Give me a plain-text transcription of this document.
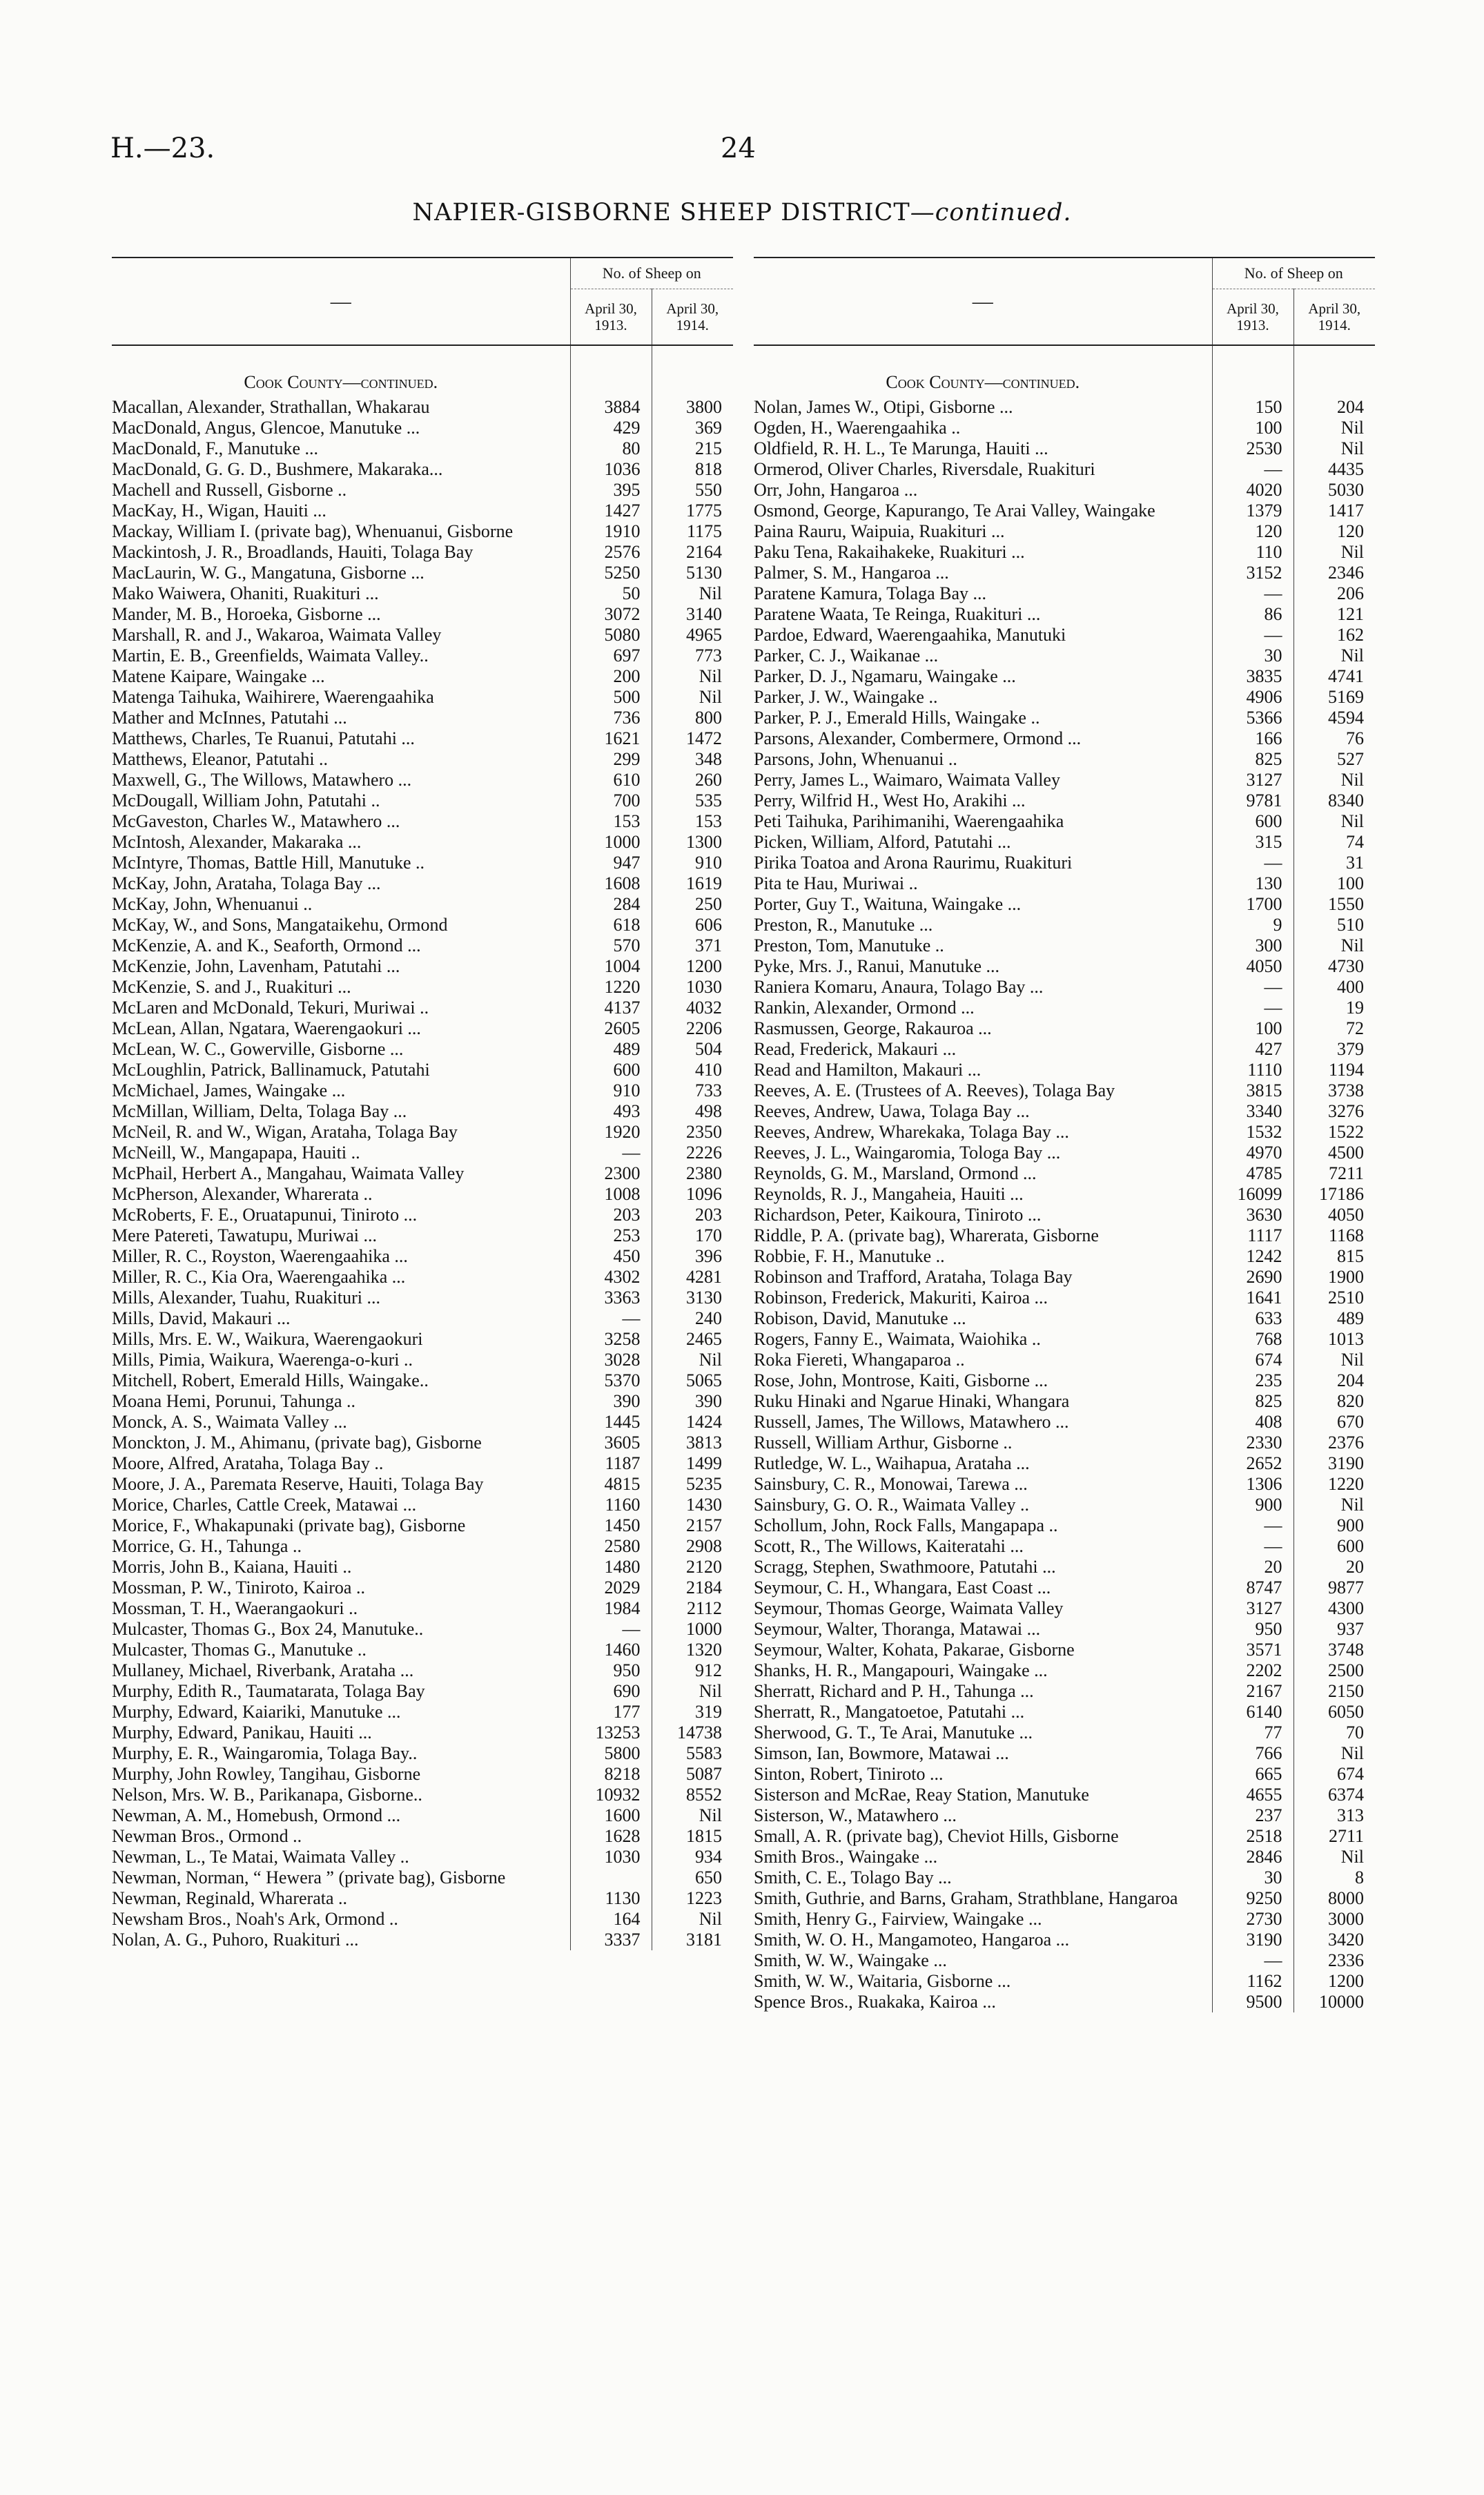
H.—23.	24
NAPIER-GISBORNE SHEEP DISTRICT—continued.
—	No. of Sheep on	
	April 30, 1913.	April 30, 1914.

Cook County—continued.		
Macallan, Alexander, Strathallan, Whakarau	3884	3800
MacDonald, Angus, Glencoe, Manutuke ...	429	369
MacDonald, F., Manutuke ...	80	215
MacDonald, G. G. D., Bushmere, Makaraka...	1036	818
Machell and Russell, Gisborne ..	395	550
MacKay, H., Wigan, Hauiti ...	1427	1775
Mackay, William I. (private bag), Whenuanui, Gisborne	1910	1175
Mackintosh, J. R., Broadlands, Hauiti, Tolaga Bay	2576	2164
MacLaurin, W. G., Mangatuna, Gisborne ...	5250	5130
Mako Waiwera, Ohaniti, Ruakituri ...	50	Nil
Mander, M. B., Horoeka, Gisborne ...	3072	3140
Marshall, R. and J., Wakaroa, Waimata Valley	5080	4965
Martin, E. B., Greenfields, Waimata Valley..	697	773
Matene Kaipare, Waingake ...	200	Nil
Matenga Taihuka, Waihirere, Waerengaahika	500	Nil
Mather and McInnes, Patutahi ...	736	800
Matthews, Charles, Te Ruanui, Patutahi ...	1621	1472
Matthews, Eleanor, Patutahi ..	299	348
Maxwell, G., The Willows, Matawhero ...	610	260
McDougall, William John, Patutahi ..	700	535
McGaveston, Charles W., Matawhero ...	153	153
McIntosh, Alexander, Makaraka ...	1000	1300
McIntyre, Thomas, Battle Hill, Manutuke ..	947	910
McKay, John, Arataha, Tolaga Bay ...	1608	1619
McKay, John, Whenuanui ..	284	250
McKay, W., and Sons, Mangataikehu, Ormond	618	606
McKenzie, A. and K., Seaforth, Ormond ...	570	371
McKenzie, John, Lavenham, Patutahi ...	1004	1200
McKenzie, S. and J., Ruakituri ...	1220	1030
McLaren and McDonald, Tekuri, Muriwai ..	4137	4032
McLean, Allan, Ngatara, Waerengaokuri ...	2605	2206
McLean, W. C., Gowerville, Gisborne ...	489	504
McLoughlin, Patrick, Ballinamuck, Patutahi	600	410
McMichael, James, Waingake ...	910	733
McMillan, William, Delta, Tolaga Bay ...	493	498
McNeil, R. and W., Wigan, Arataha, Tolaga Bay	1920	2350
McNeill, W., Mangapapa, Hauiti ..	—	2226
McPhail, Herbert A., Mangahau, Waimata Valley	2300	2380
McPherson, Alexander, Wharerata ..	1008	1096
McRoberts, F. E., Oruatapunui, Tiniroto ...	203	203
Mere Patereti, Tawatupu, Muriwai ...	253	170
Miller, R. C., Royston, Waerengaahika ...	450	396
Miller, R. C., Kia Ora, Waerengaahika ...	4302	4281
Mills, Alexander, Tuahu, Ruakituri ...	3363	3130
Mills, David, Makauri ...	—	240
Mills, Mrs. E. W., Waikura, Waerengaokuri	3258	2465
Mills, Pimia, Waikura, Waerenga-o-kuri ..	3028	Nil
Mitchell, Robert, Emerald Hills, Waingake..	5370	5065
Moana Hemi, Porunui, Tahunga ..	390	390
Monck, A. S., Waimata Valley ...	1445	1424
Monckton, J. M., Ahimanu, (private bag), Gisborne	3605	3813
Moore, Alfred, Arataha, Tolaga Bay ..	1187	1499
Moore, J. A., Paremata Reserve, Hauiti, Tolaga Bay	4815	5235
Morice, Charles, Cattle Creek, Matawai ...	1160	1430
Morice, F., Whakapunaki (private bag), Gisborne	1450	2157
Morrice, G. H., Tahunga ..	2580	2908
Morris, John B., Kaiana, Hauiti ..	1480	2120
Mossman, P. W., Tiniroto, Kairoa ..	2029	2184
Mossman, T. H., Waerangaokuri ..	1984	2112
Mulcaster, Thomas G., Box 24, Manutuke..	—	1000
Mulcaster, Thomas G., Manutuke ..	1460	1320
Mullaney, Michael, Riverbank, Arataha ...	950	912
Murphy, Edith R., Taumatarata, Tolaga Bay	690	Nil
Murphy, Edward, Kaiariki, Manutuke ...	177	319
Murphy, Edward, Panikau, Hauiti ...	13253	14738
Murphy, E. R., Waingaromia, Tolaga Bay..	5800	5583
Murphy, John Rowley, Tangihau, Gisborne	8218	5087
Nelson, Mrs. W. B., Parikanapa, Gisborne..	10932	8552
Newman, A. M., Homebush, Ormond ...	1600	Nil
Newman Bros., Ormond ..	1628	1815
Newman, L., Te Matai, Waimata Valley ..	1030	934
Newman, Norman, “ Hewera ” (private bag), Gisborne		650
Newman, Reginald, Wharerata ..	1130	1223
Newsham Bros., Noah's Ark, Ormond ..	164	Nil
Nolan, A. G., Puhoro, Ruakituri ...	3337	3181
—	No. of Sheep on	
	April 30, 1913.	April 30, 1914.

Cook County—continued.		
Nolan, James W., Otipi, Gisborne ...	150	204
Ogden, H., Waerengaahika ..	100	Nil
Oldfield, R. H. L., Te Marunga, Hauiti ...	2530	Nil
Ormerod, Oliver Charles, Riversdale, Ruakituri	—	4435
Orr, John, Hangaroa ...	4020	5030
Osmond, George, Kapurango, Te Arai Valley, Waingake	1379	1417
Paina Rauru, Waipuia, Ruakituri ...	120	120
Paku Tena, Rakaihakeke, Ruakituri ...	110	Nil
Palmer, S. M., Hangaroa ...	3152	2346
Paratene Kamura, Tolaga Bay ...	—	206
Paratene Waata, Te Reinga, Ruakituri ...	86	121
Pardoe, Edward, Waerengaahika, Manutuki	—	162
Parker, C. J., Waikanae ...	30	Nil
Parker, D. J., Ngamaru, Waingake ...	3835	4741
Parker, J. W., Waingake ..	4906	5169
Parker, P. J., Emerald Hills, Waingake ..	5366	4594
Parsons, Alexander, Combermere, Ormond ...	166	76
Parsons, John, Whenuanui ..	825	527
Perry, James L., Waimaro, Waimata Valley	3127	Nil
Perry, Wilfrid H., West Ho, Arakihi ...	9781	8340
Peti Taihuka, Parihimanihi, Waerengaahika	600	Nil
Picken, William, Alford, Patutahi ...	315	74
Pirika Toatoa and Arona Raurimu, Ruakituri	—	31
Pita te Hau, Muriwai ..	130	100
Porter, Guy T., Waituna, Waingake ...	1700	1550
Preston, R., Manutuke ...	9	510
Preston, Tom, Manutuke ..	300	Nil
Pyke, Mrs. J., Ranui, Manutuke ...	4050	4730
Raniera Komaru, Anaura, Tolago Bay ...	—	400
Rankin, Alexander, Ormond ...	—	19
Rasmussen, George, Rakauroa ...	100	72
Read, Frederick, Makauri ...	427	379
Read and Hamilton, Makauri ...	1110	1194
Reeves, A. E. (Trustees of A. Reeves), Tolaga Bay	3815	3738
Reeves, Andrew, Uawa, Tolaga Bay ...	3340	3276
Reeves, Andrew, Wharekaka, Tolaga Bay ...	1532	1522
Reeves, J. L., Waingaromia, Tologa Bay ...	4970	4500
Reynolds, G. M., Marsland, Ormond ...	4785	7211
Reynolds, R. J., Mangaheia, Hauiti ...	16099	17186
Richardson, Peter, Kaikoura, Tiniroto ...	3630	4050
Riddle, P. A. (private bag), Wharerata, Gisborne	1117	1168
Robbie, F. H., Manutuke ..	1242	815
Robinson and Trafford, Arataha, Tolaga Bay	2690	1900
Robinson, Frederick, Makuriti, Kairoa ...	1641	2510
Robison, David, Manutuke ...	633	489
Rogers, Fanny E., Waimata, Waiohika ..	768	1013
Roka Fiereti, Whangaparoa ..	674	Nil
Rose, John, Montrose, Kaiti, Gisborne ...	235	204
Ruku Hinaki and Ngarue Hinaki, Whangara	825	820
Russell, James, The Willows, Matawhero ...	408	670
Russell, William Arthur, Gisborne ..	2330	2376
Rutledge, W. L., Waihapua, Arataha ...	2652	3190
Sainsbury, C. R., Monowai, Tarewa ...	1306	1220
Sainsbury, G. O. R., Waimata Valley ..	900	Nil
Schollum, John, Rock Falls, Mangapapa ..	—	900
Scott, R., The Willows, Kaiteratahi ...	—	600
Scragg, Stephen, Swathmoore, Patutahi ...	20	20
Seymour, C. H., Whangara, East Coast ...	8747	9877
Seymour, Thomas George, Waimata Valley	3127	4300
Seymour, Walter, Thoranga, Matawai ...	950	937
Seymour, Walter, Kohata, Pakarae, Gisborne	3571	3748
Shanks, H. R., Mangapouri, Waingake ...	2202	2500
Sherratt, Richard and P. H., Tahunga ...	2167	2150
Sherratt, R., Mangatoetoe, Patutahi ...	6140	6050
Sherwood, G. T., Te Arai, Manutuke ...	77	70
Simson, Ian, Bowmore, Matawai ...	766	Nil
Sinton, Robert, Tiniroto ...	665	674
Sisterson and McRae, Reay Station, Manutuke	4655	6374
Sisterson, W., Matawhero ...	237	313
Small, A. R. (private bag), Cheviot Hills, Gisborne	2518	2711
Smith Bros., Waingake ...	2846	Nil
Smith, C. E., Tolago Bay ...	30	8
Smith, Guthrie, and Barns, Graham, Strathblane, Hangaroa	9250	8000
Smith, Henry G., Fairview, Waingake ...	2730	3000
Smith, W. O. H., Mangamoteo, Hangaroa ...	3190	3420
Smith, W. W., Waingake ...	—	2336
Smith, W. W., Waitaria, Gisborne ...	1162	1200
Spence Bros., Ruakaka, Kairoa ...	9500	10000
